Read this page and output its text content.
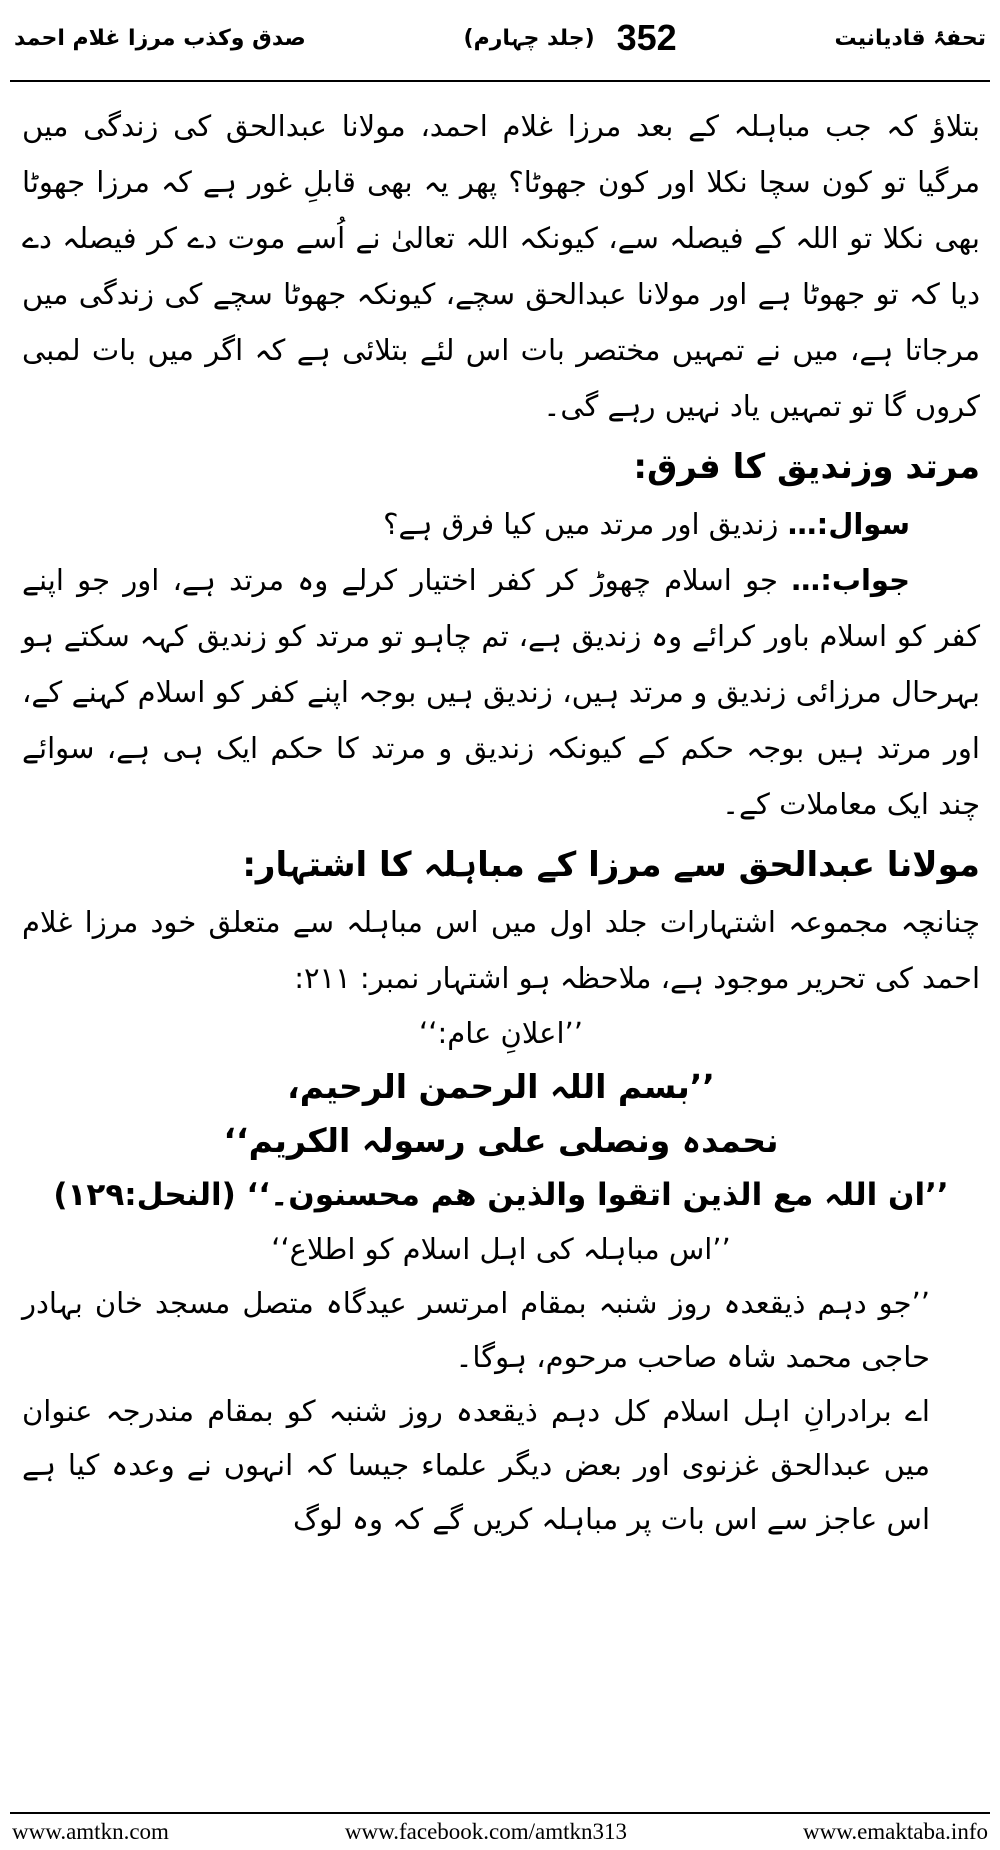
صدق وکذب مرزا غلام احمد	352
(جلد چہارم)	تحفۂ قادیانیت

بتلاؤ کہ جب مباہلہ کے بعد مرزا غلام احمد، مولانا عبدالحق کی زندگی میں مرگیا تو کون سچا نکلا اور کون جھوٹا؟ پھر یہ بھی قابلِ غور ہے کہ مرزا جھوٹا بھی نکلا تو اللہ کے فیصلہ سے، کیونکہ اللہ تعالیٰ نے اُسے موت دے کر فیصلہ دے دیا کہ تو جھوٹا ہے اور مولانا عبدالحق سچے، کیونکہ جھوٹا سچے کی زندگی میں مرجاتا ہے، میں نے تمہیں مختصر بات اس لئے بتلائی ہے کہ اگر میں بات لمبی کروں گا تو تمہیں یاد نہیں رہے گی۔

مرتد وزندیق کا فرق:

سوال:… زندیق اور مرتد میں کیا فرق ہے؟

جواب:… جو اسلام چھوڑ کر کفر اختیار کرلے وہ مرتد ہے، اور جو اپنے کفر کو اسلام باور کرائے وہ زندیق ہے، تم چاہو تو مرتد کو زندیق کہہ سکتے ہو بہرحال مرزائی زندیق و مرتد ہیں، زندیق ہیں بوجہ اپنے کفر کو اسلام کہنے کے، اور مرتد ہیں بوجہ حکم کے کیونکہ زندیق و مرتد کا حکم ایک ہی ہے، سوائے چند ایک معاملات کے۔

مولانا عبدالحق سے مرزا کے مباہلہ کا اشتہار:

چنانچہ مجموعہ اشتہارات جلد اول میں اس مباہلہ سے متعلق خود مرزا غلام احمد کی تحریر موجود ہے، ملاحظہ ہو اشتہار نمبر: ۲۱۱:

’’اعلانِ عام:‘‘

’’بسم اللہ الرحمن الرحیم،

نحمدہ ونصلی علی رسولہ الکریم‘‘

’’ان اللہ مع الذین اتقوا والذین ھم محسنون۔‘‘ (النحل:۱۲۹)

’’اس مباہلہ کی اہل اسلام کو اطلاع‘‘

’’جو دہم ذیقعدہ روز شنبہ بمقام امرتسر عیدگاہ متصل مسجد خان بہادر حاجی محمد شاہ صاحب مرحوم، ہوگا۔

اے برادرانِ اہل اسلام کل دہم ذیقعدہ روز شنبہ کو بمقام مندرجہ عنوان میں عبدالحق غزنوی اور بعض دیگر علماء جیسا کہ انہوں نے وعدہ کیا ہے اس عاجز سے اس بات پر مباہلہ کریں گے کہ وہ لوگ

www.amtkn.com	www.facebook.com/amtkn313	www.emaktaba.info
